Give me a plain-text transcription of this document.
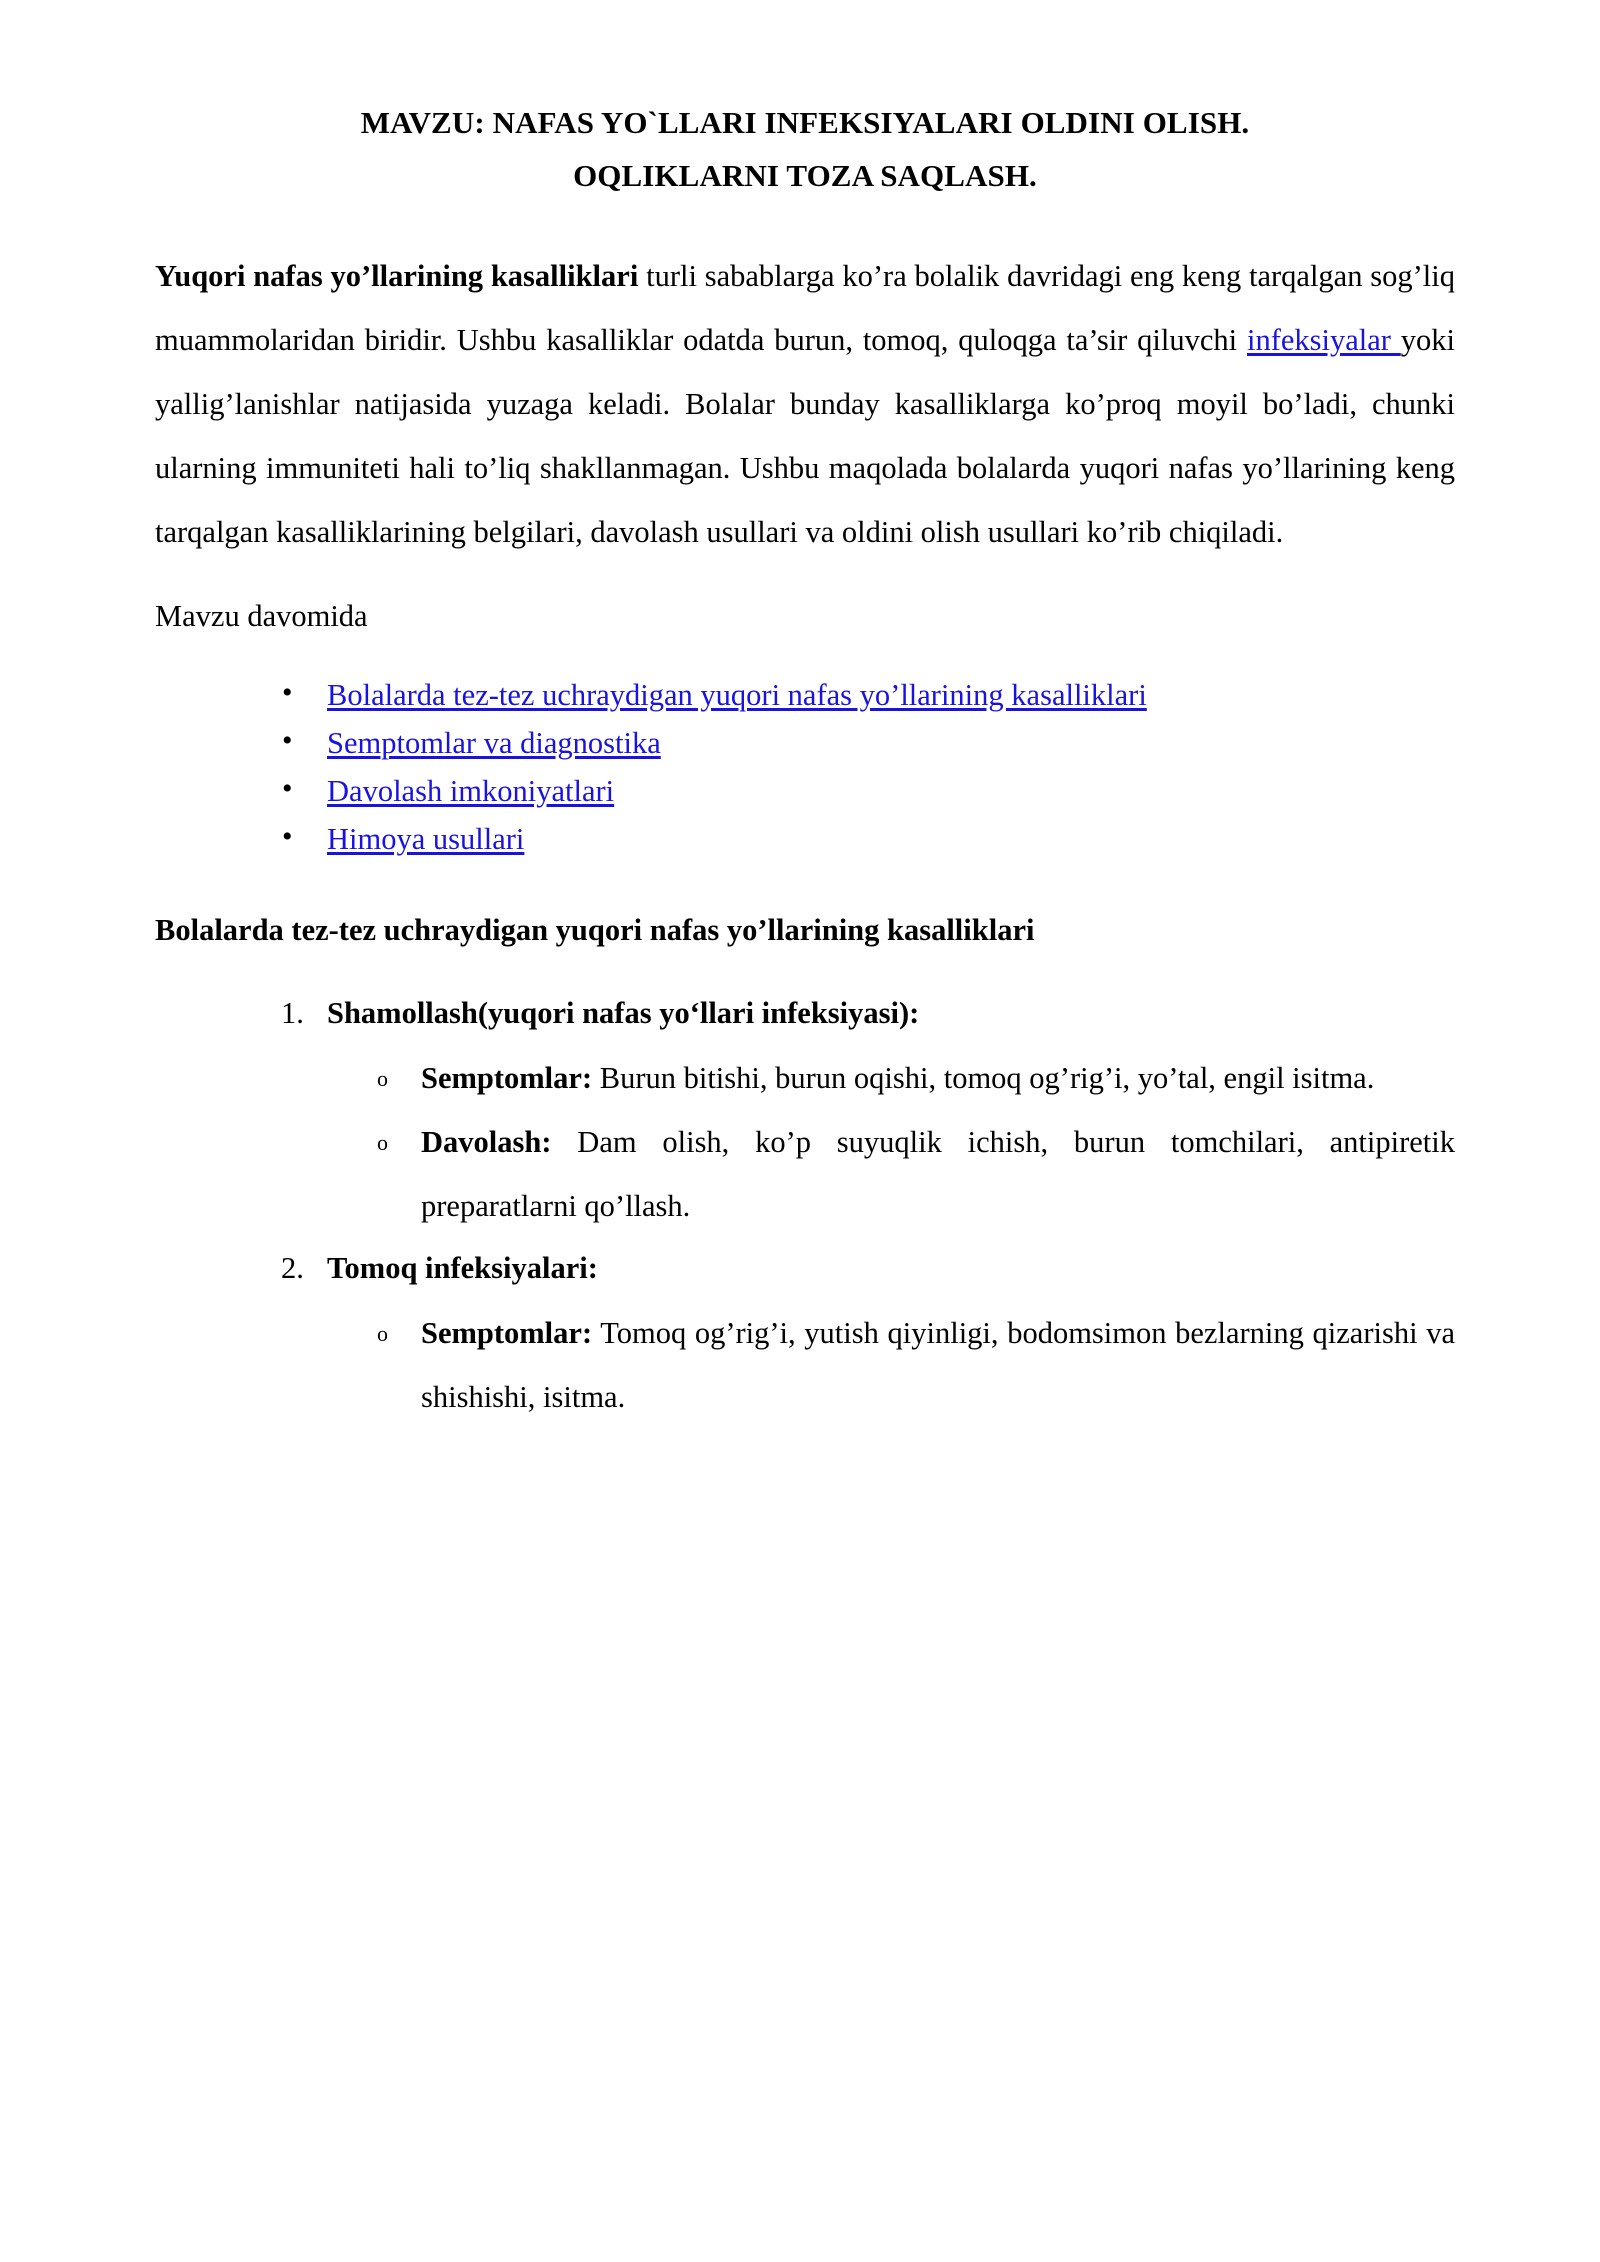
MAVZU: NAFAS YO`LLARI INFEKSIYALARI OLDINI OLISH.
OQLIKLARNI TOZA SAQLASH.

Yuqori nafas yo’llarining kasalliklari turli sabablarga ko’ra bolalik davridagi eng keng tarqalgan sog’liq muammolaridan biridir. Ushbu kasalliklar odatda burun, tomoq, quloqga ta’sir qiluvchi infeksiyalar yoki yallig’lanishlar natijasida yuzaga keladi. Bolalar bunday kasalliklarga ko’proq moyil bo’ladi, chunki ularning immuniteti hali to’liq shakllanmagan. Ushbu maqolada bolalarda yuqori nafas yo’llarining keng tarqalgan kasalliklarining belgilari, davolash usullari va oldini olish usullari ko’rib chiqiladi.

Mavzu davomida

• Bolalarda tez-tez uchraydigan yuqori nafas yo’llarining kasalliklari
• Semptomlar va diagnostika
• Davolash imkoniyatlari
• Himoya usullari

Bolalarda tez-tez uchraydigan yuqori nafas yo’llarining kasalliklari

1. Shamollash(yuqori nafas yo‘llari infeksiyasi):
o Semptomlar: Burun bitishi, burun oqishi, tomoq og’rig’i, yo’tal, engil isitma.
o Davolash: Dam olish, ko’p suyuqlik ichish, burun tomchilari, antipiretik preparatlarni qo’llash.
2. Tomoq infeksiyalari:
o Semptomlar: Tomoq og’rig’i, yutish qiyinligi, bodomsimon bezlarning qizarishi va shishishi, isitma.
